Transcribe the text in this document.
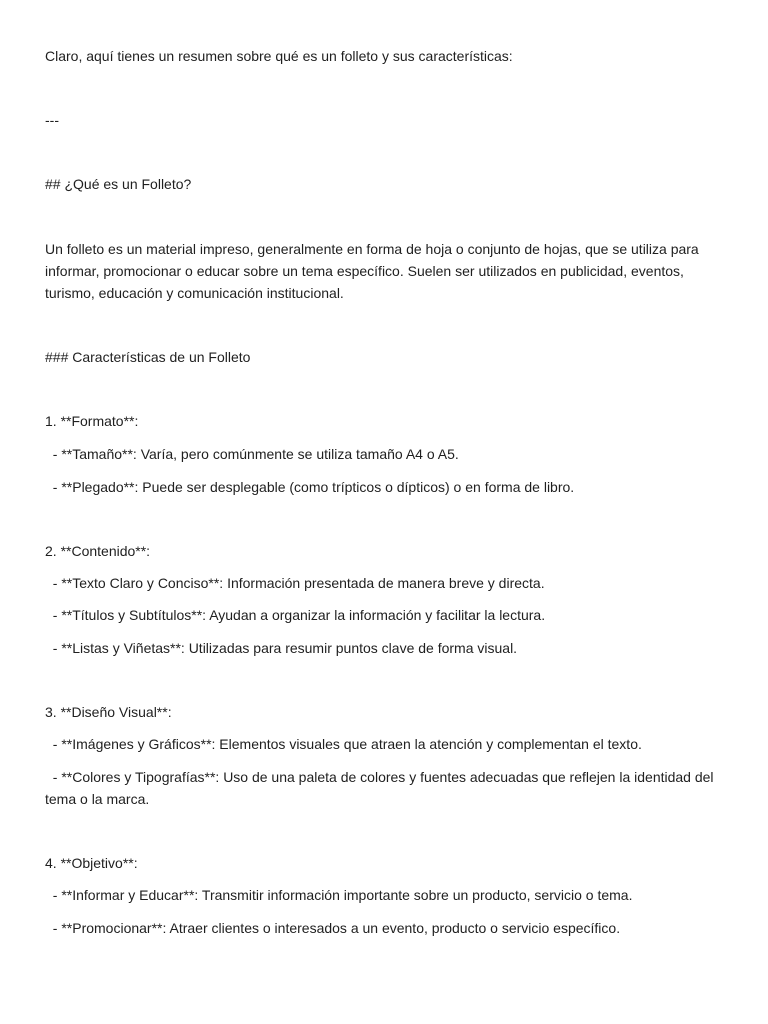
Claro, aquí tienes un resumen sobre qué es un folleto y sus características:

---

## ¿Qué es un Folleto?

Un folleto es un material impreso, generalmente en forma de hoja o conjunto de hojas, que se utiliza para informar, promocionar o educar sobre un tema específico. Suelen ser utilizados en publicidad, eventos, turismo, educación y comunicación institucional.

### Características de un Folleto

1. **Formato**:

- **Tamaño**: Varía, pero comúnmente se utiliza tamaño A4 o A5.

- **Plegado**: Puede ser desplegable (como trípticos o dípticos) o en forma de libro.

2. **Contenido**:

- **Texto Claro y Conciso**: Información presentada de manera breve y directa.

- **Títulos y Subtítulos**: Ayudan a organizar la información y facilitar la lectura.

- **Listas y Viñetas**: Utilizadas para resumir puntos clave de forma visual.

3. **Diseño Visual**:

- **Imágenes y Gráficos**: Elementos visuales que atraen la atención y complementan el texto.

- **Colores y Tipografías**: Uso de una paleta de colores y fuentes adecuadas que reflejen la identidad del tema o la marca.

4. **Objetivo**:

- **Informar y Educar**: Transmitir información importante sobre un producto, servicio o tema.

- **Promocionar**: Atraer clientes o interesados a un evento, producto o servicio específico.
